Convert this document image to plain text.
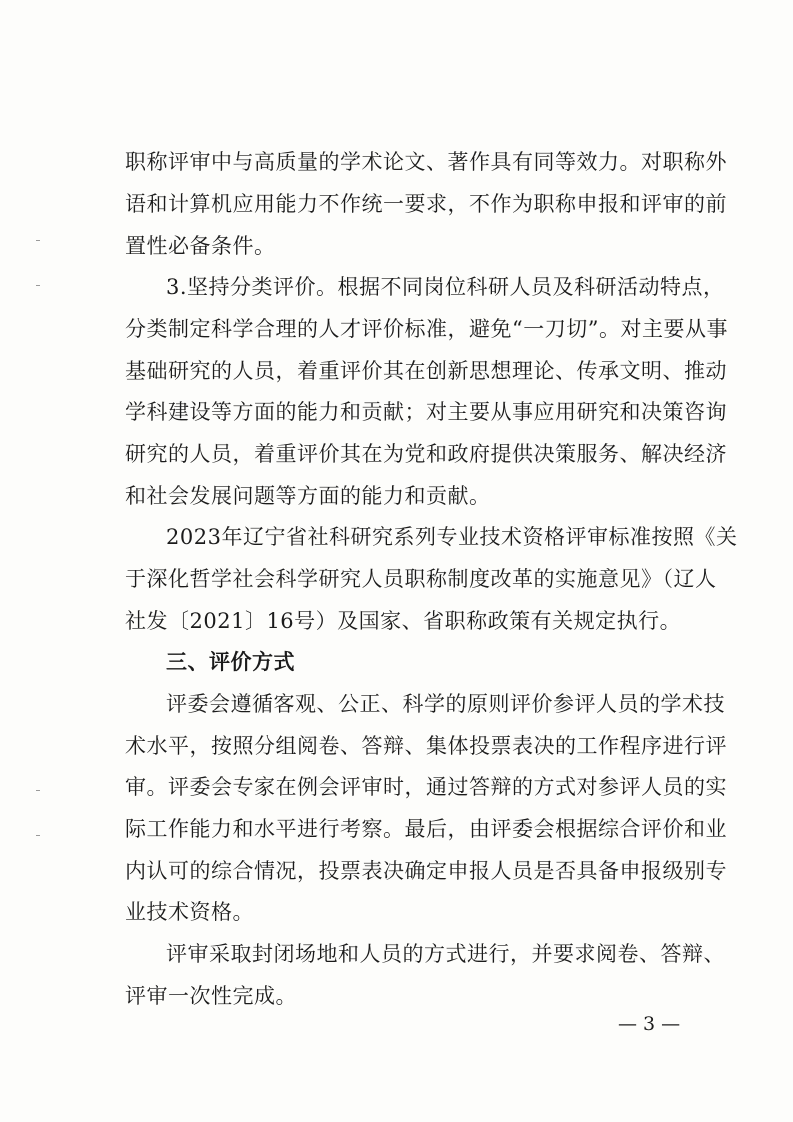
职称评审中与高质量的学术论文、著作具有同等效力。对职称外
语和计算机应用能力不作统一要求，不作为职称申报和评审的前
置性必备条件。
3.坚持分类评价。根据不同岗位科研人员及科研活动特点，
分类制定科学合理的人才评价标准，避免“一刀切”。对主要从事
基础研究的人员，着重评价其在创新思想理论、传承文明、推动
学科建设等方面的能力和贡献；对主要从事应用研究和决策咨询
研究的人员，着重评价其在为党和政府提供决策服务、解决经济
和社会发展问题等方面的能力和贡献。
2023年辽宁省社科研究系列专业技术资格评审标准按照《关
于深化哲学社会科学研究人员职称制度改革的实施意见》（辽人
社发〔2021〕16号）及国家、省职称政策有关规定执行。
三、评价方式
评委会遵循客观、公正、科学的原则评价参评人员的学术技
术水平，按照分组阅卷、答辩、集体投票表决的工作程序进行评
审。评委会专家在例会评审时，通过答辩的方式对参评人员的实
际工作能力和水平进行考察。最后，由评委会根据综合评价和业
内认可的综合情况，投票表决确定申报人员是否具备申报级别专
业技术资格。
评审采取封闭场地和人员的方式进行，并要求阅卷、答辩、
评审一次性完成。
— 3 —
